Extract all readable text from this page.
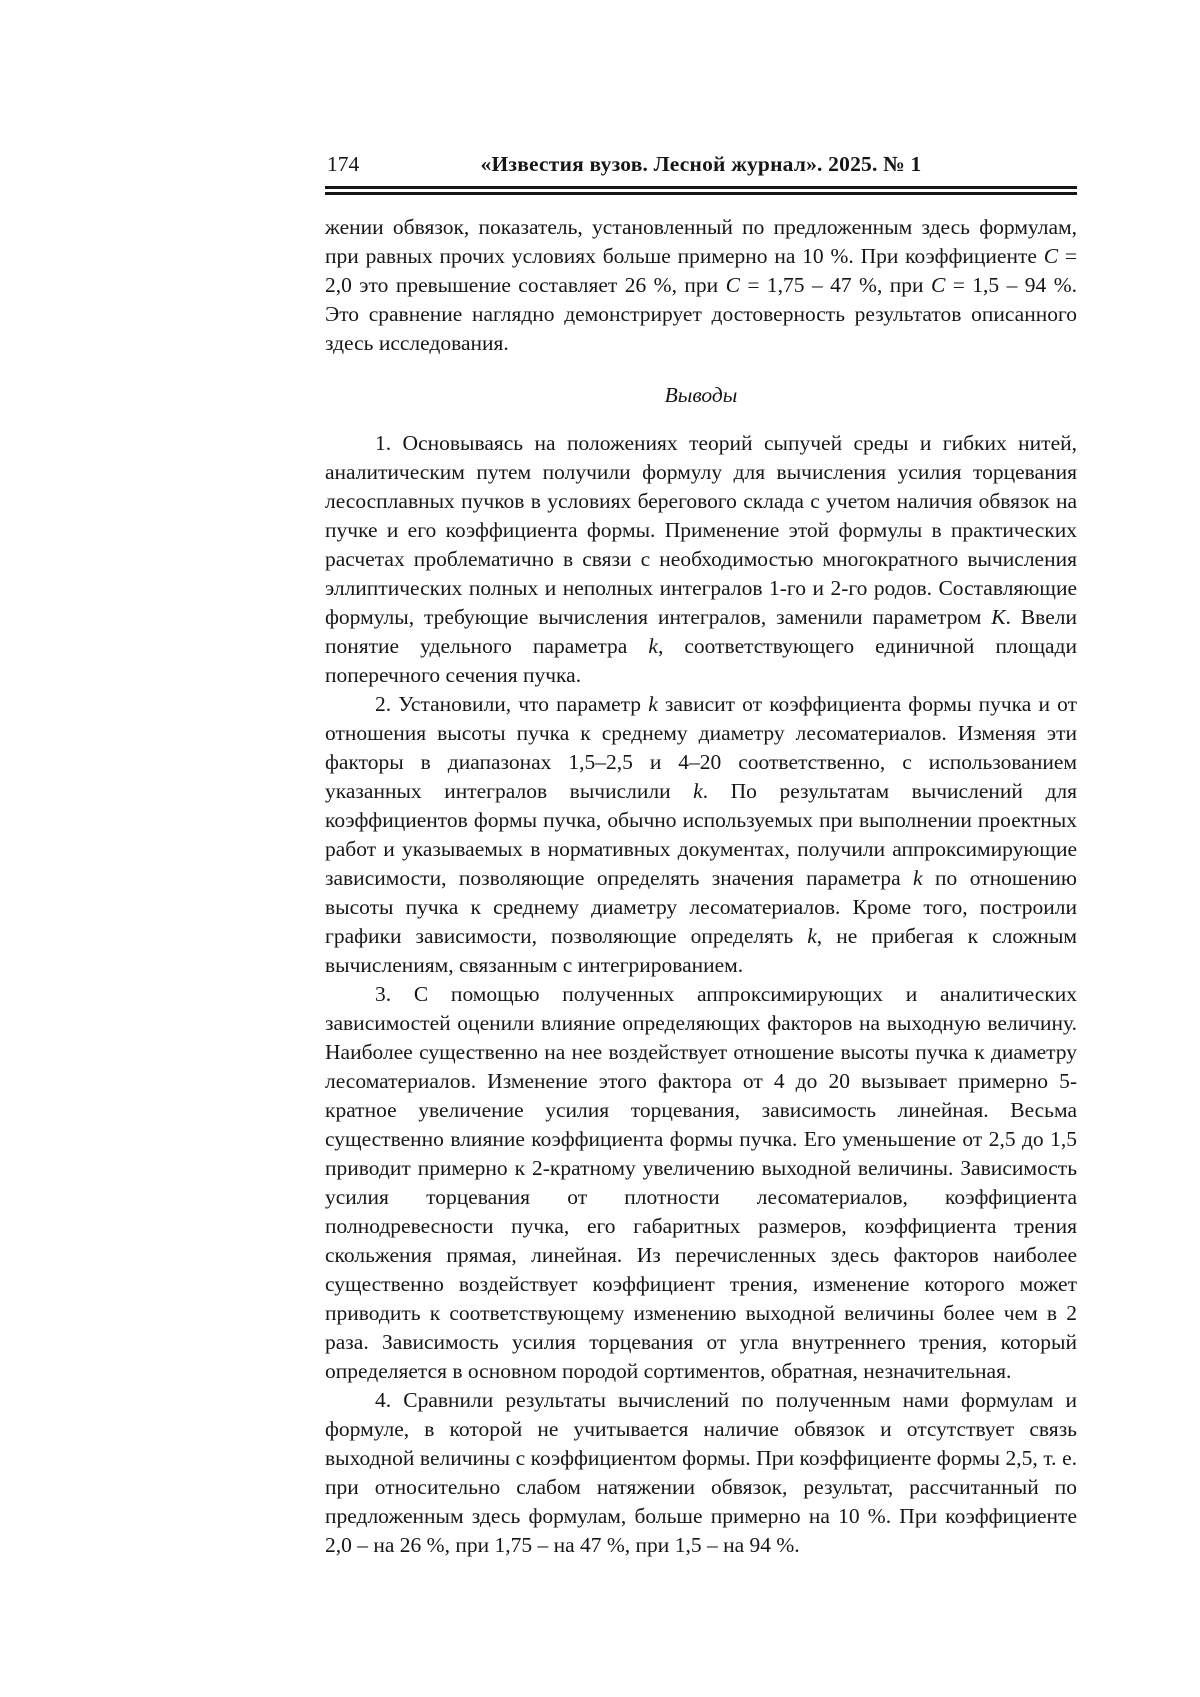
174	«Известия вузов. Лесной журнал». 2025. № 1

жении обвязок, показатель, установленный по предложенным здесь формулам, при равных прочих условиях больше примерно на 10 %. При коэффициенте С = 2,0 это превышение составляет 26 %, при С = 1,75 – 47 %, при С = 1,5 – 94 %. Это сравнение наглядно демонстрирует достоверность результатов описанного здесь исследования.

Выводы

1. Основываясь на положениях теорий сыпучей среды и гибких нитей, аналитическим путем получили формулу для вычисления усилия торцевания лесосплавных пучков в условиях берегового склада с учетом наличия обвязок на пучке и его коэффициента формы. Применение этой формулы в практических расчетах проблематично в связи с необходимостью многократного вычисления эллиптических полных и неполных интегралов 1-го и 2-го родов. Составляющие формулы, требующие вычисления интегралов, заменили параметром К. Ввели понятие удельного параметра k, соответствующего единичной площади поперечного сечения пучка.

2. Установили, что параметр k зависит от коэффициента формы пучка и от отношения высоты пучка к среднему диаметру лесоматериалов. Изменяя эти факторы в диапазонах 1,5–2,5 и 4–20 соответственно, с использованием указанных интегралов вычислили k. По результатам вычислений для коэффициентов формы пучка, обычно используемых при выполнении проектных работ и указываемых в нормативных документах, получили аппроксимирующие зависимости, позволяющие определять значения параметра k по отношению высоты пучка к среднему диаметру лесоматериалов. Кроме того, построили графики зависимости, позволяющие определять k, не прибегая к сложным вычислениям, связанным с интегрированием.

3. С помощью полученных аппроксимирующих и аналитических зависимостей оценили влияние определяющих факторов на выходную величину. Наиболее существенно на нее воздействует отношение высоты пучка к диаметру лесоматериалов. Изменение этого фактора от 4 до 20 вызывает примерно 5-кратное увеличение усилия торцевания, зависимость линейная. Весьма существенно влияние коэффициента формы пучка. Его уменьшение от 2,5 до 1,5 приводит примерно к 2-кратному увеличению выходной величины. Зависимость усилия торцевания от плотности лесоматериалов, коэффициента полнодревесности пучка, его габаритных размеров, коэффициента трения скольжения прямая, линейная. Из перечисленных здесь факторов наиболее существенно воздействует коэффициент трения, изменение которого может приводить к соответствующему изменению выходной величины более чем в 2 раза. Зависимость усилия торцевания от угла внутреннего трения, который определяется в основном породой сортиментов, обратная, незначительная.

4. Сравнили результаты вычислений по полученным нами формулам и формуле, в которой не учитывается наличие обвязок и отсутствует связь выходной величины с коэффициентом формы. При коэффициенте формы 2,5, т. е. при относительно слабом натяжении обвязок, результат, рассчитанный по предложенным здесь формулам, больше примерно на 10 %. При коэффициенте 2,0 – на 26 %, при 1,75 – на 47 %, при 1,5 – на 94 %.
